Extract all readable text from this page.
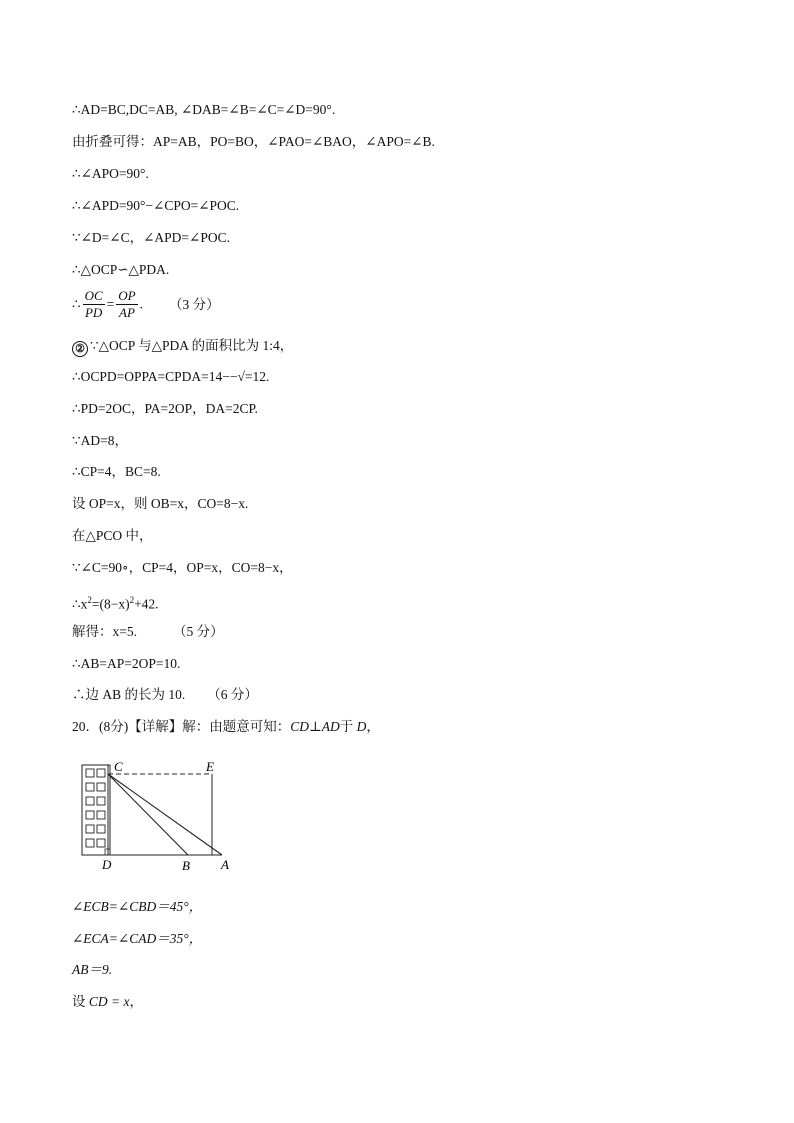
∴AD=BC,DC=AB, ∠DAB=∠B=∠C=∠D=90°.
由折叠可得：AP=AB，PO=BO，∠PAO=∠BAO，∠APO=∠B.
∴∠APO=90°.
∴∠APD=90°−∠CPO=∠POC.
∵∠D=∠C，∠APD=∠POC.
∴△OCP∽△PDA.
∴ $\frac{OC}{PD} = \frac{OP}{AP}$ . （3 分）
② ∵△OCP 与△PDA 的面积比为 1:4，
∴OCPD=OPPA=CPDA=14−−√=12.
∴PD=2OC，PA=2OP，DA=2CP.
∵AD=8，
∴CP=4，BC=8.
设 OP=x，则 OB=x，CO=8−x.
在△PCO 中，
∵∠C=90∘，CP=4，OP=x，CO=8−x，
$\therefore x^2=(8-x)^2+42$.
解得：x=5.	（5 分）
∴AB=AP=2OP=10.
∴边 AB 的长为 10. （6 分）
20．(8分)【详解】解：由题意可知：CD⊥AD于 D，
C	E
D	B A
∠ECB=∠CBD＝45°，
∠ECA=∠CAD＝35°，
AB＝9.
设 CD = x，
